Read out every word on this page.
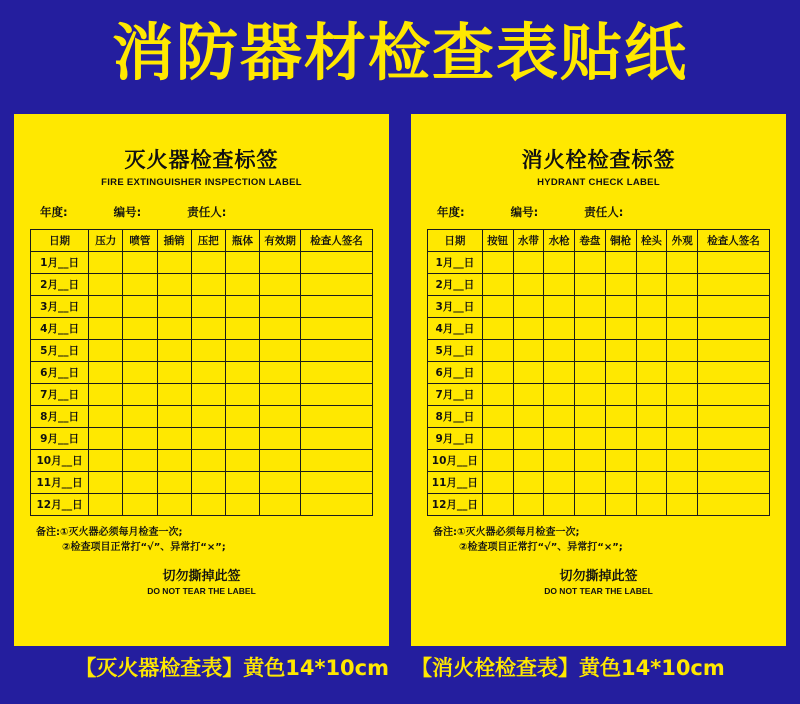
消防器材检查表贴纸
灭火器检查标签
FIRE EXTINGUISHER INSPECTION LABEL
年度:	编号:	责任人:
日期	压力	喷管	插销	压把	瓶体	有效期	检查人签名
1月__日							
2月__日							
3月__日							
4月__日							
5月__日							
6月__日							
7月__日							
8月__日							
9月__日							
10月__日							
11月__日							
12月__日							
备注:①灭火器必须每月检查一次;
②检查项目正常打“√”、异常打“×”;
切勿撕掉此签
DO NOT TEAR THE LABEL
消火栓检查标签
HYDRANT CHECK LABEL
年度:	编号:	责任人:
日期	按钮	水带	水枪	卷盘	铜枪	栓头	外观	检查人签名
1月__日								
2月__日								
3月__日								
4月__日								
5月__日								
6月__日								
7月__日								
8月__日								
9月__日								
10月__日								
11月__日								
12月__日								
备注:①灭火器必须每月检查一次;
②检查项目正常打“√”、异常打“×”;
切勿撕掉此签
DO NOT TEAR THE LABEL
【灭火器检查表】黄色14*10cm 【消火栓检查表】黄色14*10cm
